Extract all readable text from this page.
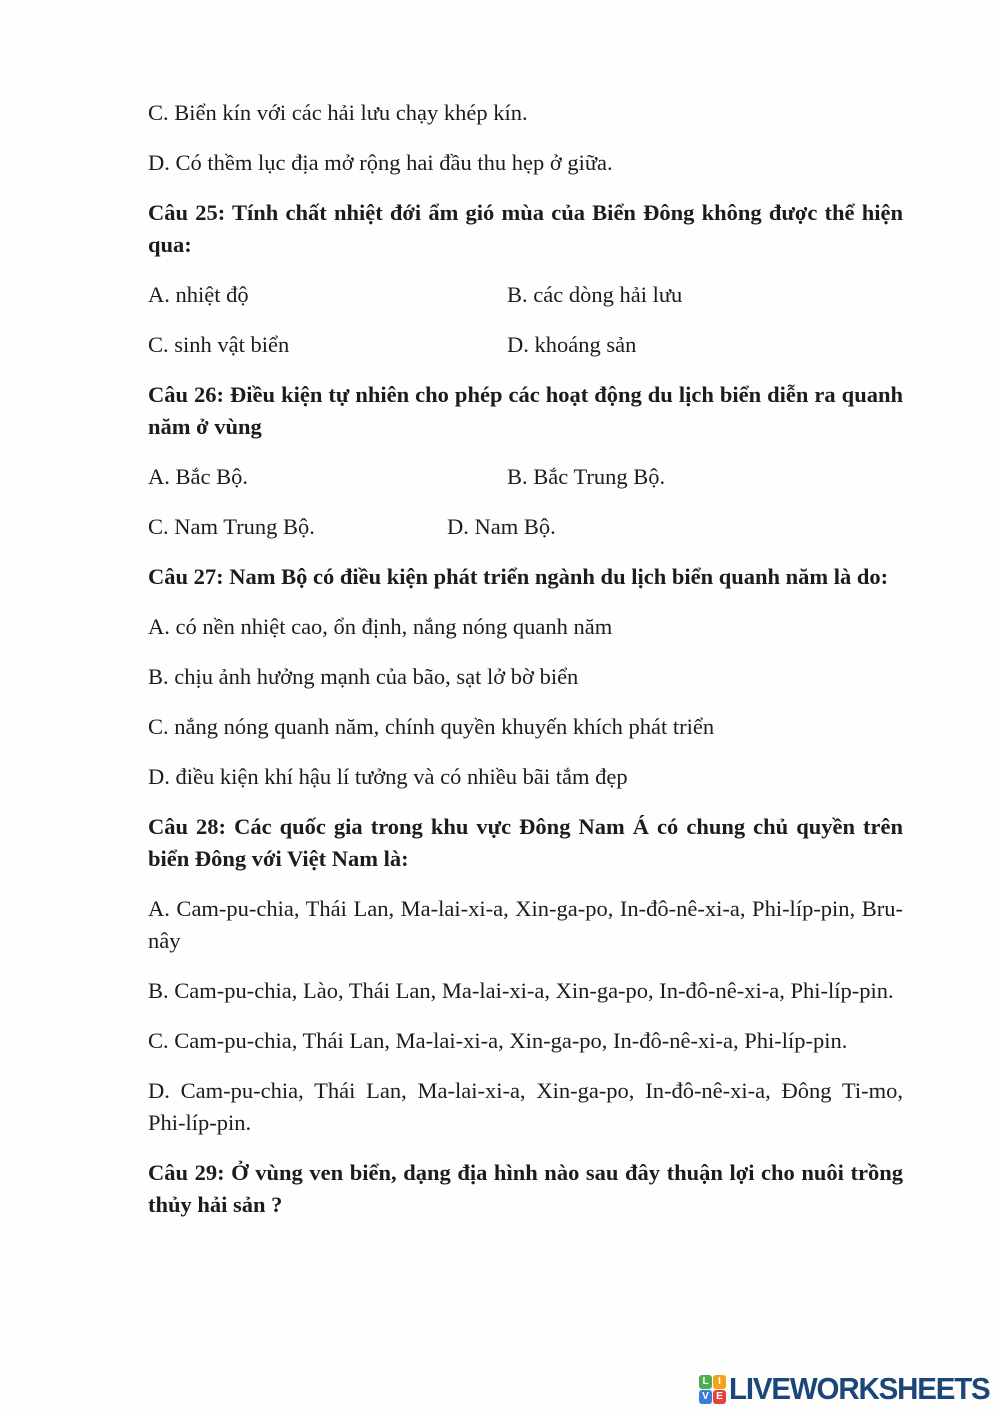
C. Biển kín với các hải lưu chạy khép kín.

D. Có thềm lục địa mở rộng hai đầu thu hẹp ở giữa.

Câu 25: Tính chất nhiệt đới ẩm gió mùa của Biển Đông không được thể hiện qua:

A. nhiệt độ	B. các dòng hải lưu
C. sinh vật biển	D. khoáng sản

Câu 26: Điều kiện tự nhiên cho phép các hoạt động du lịch biển diễn ra quanh năm ở vùng

A. Bắc Bộ.	B. Bắc Trung Bộ.
C. Nam Trung Bộ.	D. Nam Bộ.

Câu 27: Nam Bộ có điều kiện phát triển ngành du lịch biển quanh năm là do:

A. có nền nhiệt cao, ổn định, nắng nóng quanh năm

B. chịu ảnh hưởng mạnh của bão, sạt lở bờ biển

C. nắng nóng quanh năm, chính quyền khuyến khích phát triển

D. điều kiện khí hậu lí tưởng và có nhiều bãi tắm đẹp

Câu 28: Các quốc gia trong khu vực Đông Nam Á có chung chủ quyền trên biển Đông với Việt Nam là:

A. Cam-pu-chia, Thái Lan, Ma-lai-xi-a, Xin-ga-po, In-đô-nê-xi-a, Phi-líp-pin, Bru-nây

B. Cam-pu-chia, Lào, Thái Lan, Ma-lai-xi-a, Xin-ga-po, In-đô-nê-xi-a, Phi-líp-pin.

C. Cam-pu-chia, Thái Lan, Ma-lai-xi-a, Xin-ga-po, In-đô-nê-xi-a, Phi-líp-pin.

D. Cam-pu-chia, Thái Lan, Ma-lai-xi-a, Xin-ga-po, In-đô-nê-xi-a, Đông Ti-mo, Phi-líp-pin.

Câu 29: Ở vùng ven biển, dạng địa hình nào sau đây thuận lợi cho nuôi trồng thủy hải sản ?

L I
V E LIVEWORKSHEETS
